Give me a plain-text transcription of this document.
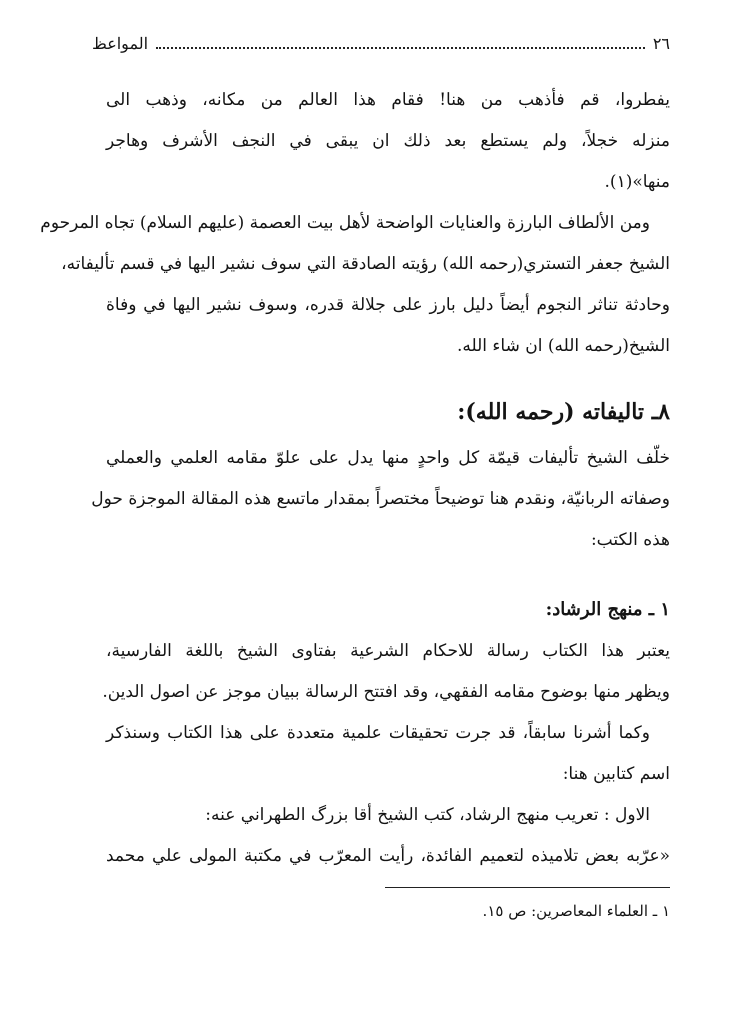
٢٦
المواعظ
يفطروا، قم فأذهب من هنا! فقام هذا العالم من مكانه، وذهب الى
منزله خجلاً، ولم يستطع بعد ذلك ان يبقى في النجف الأشرف وهاجر
منها»(١).
ومن الألطاف البارزة والعنايات الواضحة لأهل بيت العصمة (عليهم السلام) تجاه المرحوم
الشيخ جعفر التستري(رحمه الله) رؤيته الصادقة التي سوف نشير اليها في قسم تأليفاته،
وحادثة تناثر النجوم أيضاً دليل بارز على جلالة قدره، وسوف نشير اليها في وفاة
الشيخ(رحمه الله) ان شاء الله.
٨ـ تاليفاته (رحمه الله):
خلّف الشيخ تأليفات قيمّة كل واحدٍ منها يدل على علوّ مقامه العلمي والعملي
وصفاته الربانيّة، ونقدم هنا توضيحاً مختصراً بمقدار ماتسع هذه المقالة الموجزة حول
هذه الكتب:
١ ـ منهج الرشاد:
يعتبر هذا الكتاب رسالة للاحكام الشرعية بفتاوى الشيخ باللغة الفارسية،
ويظهر منها بوضوح مقامه الفقهي، وقد افتتح الرسالة ببيان موجز عن اصول الدين.
وكما أشرنا سابقاً، قد جرت تحقيقات علمية متعددة على هذا الكتاب وسنذكر
اسم كتابين هنا:
الاول : تعريب منهج الرشاد، كتب الشيخ أقا بزرگ الطهراني عنه:
«عرّبه بعض تلاميذه لتعميم الفائدة، رأيت المعرّب في مكتبة المولى علي محمد
١ ـ العلماء المعاصرين: ص ١٥.
